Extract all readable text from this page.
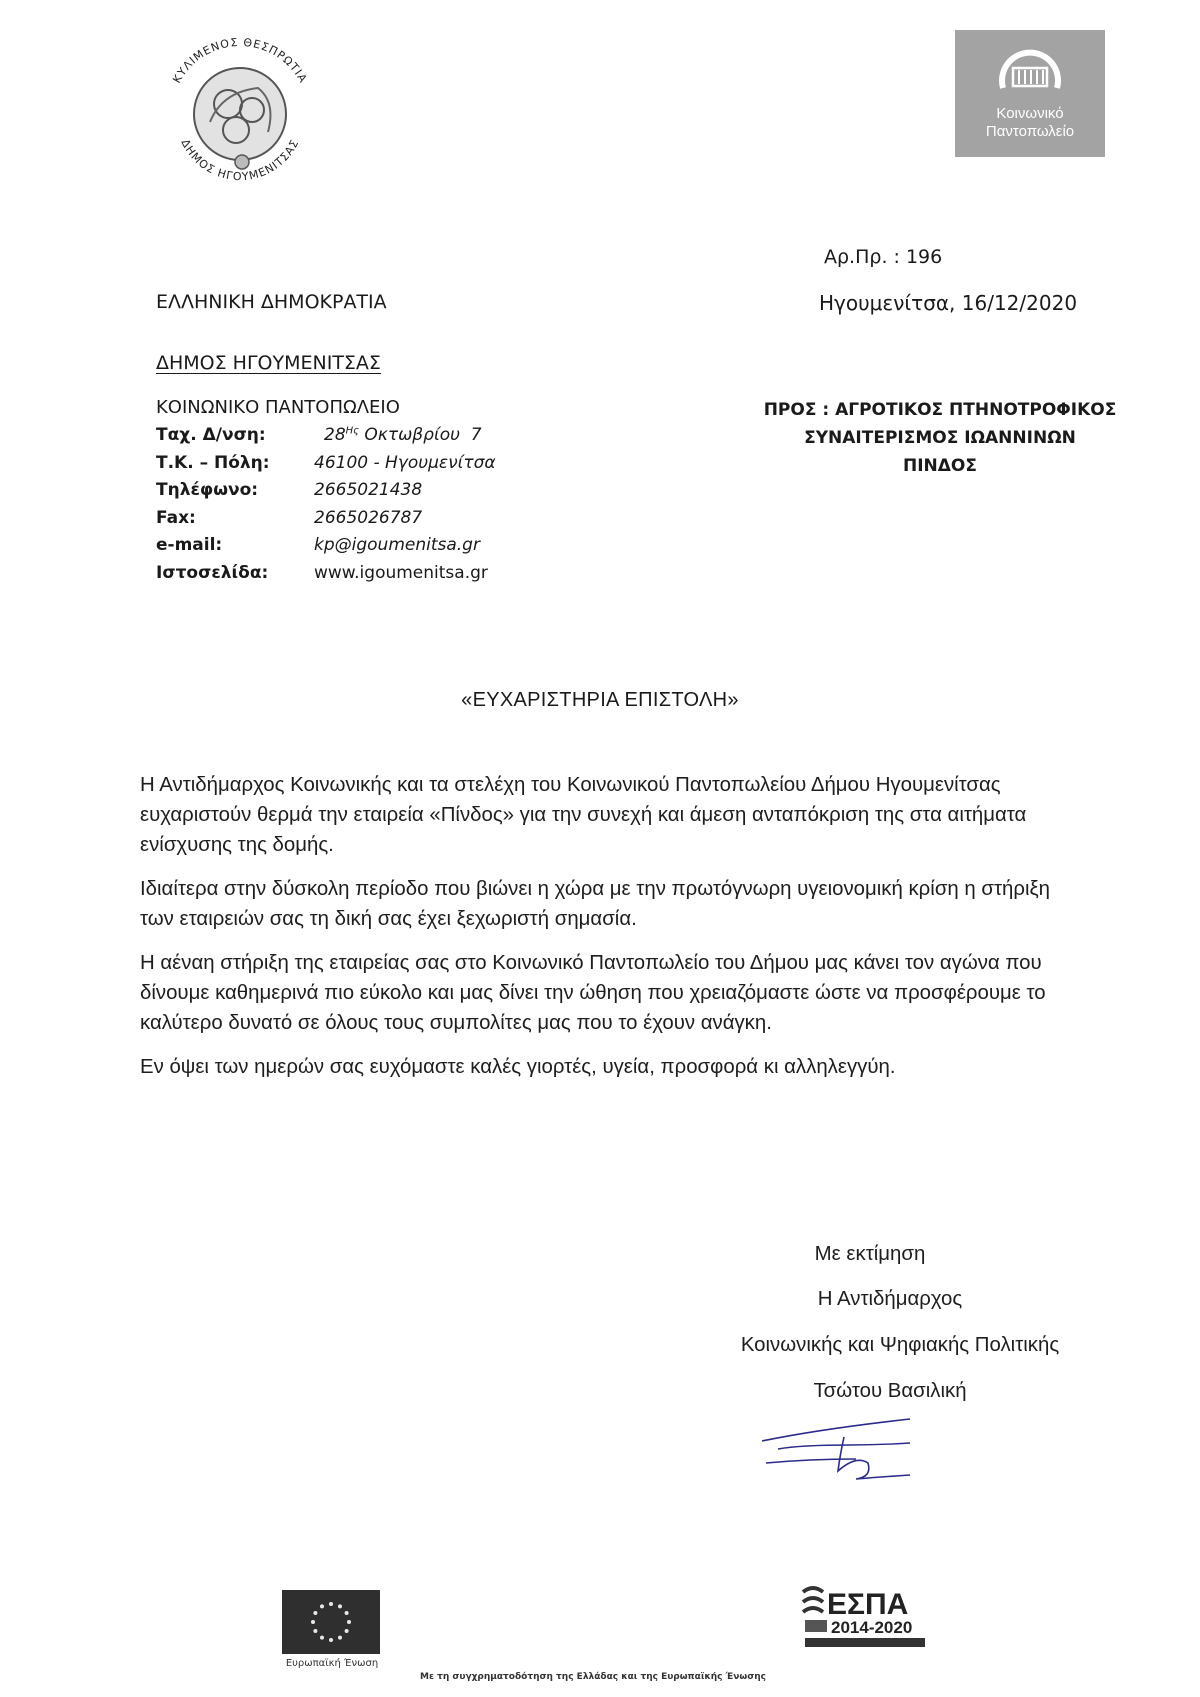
ΚΥΛΙΜΕΝΟΣ ΘΕΣΠΡΩΤΙΑ
ΔΗΜΟΣ ΗΓΟΥΜΕΝΙΤΣΑΣ
Κοινωνικό
Παντοπωλείο
Αρ.Πρ. : 196
Ηγουμενίτσα, 16/12/2020
ΕΛΛΗΝΙΚΗ ΔΗΜΟΚΡΑΤΙΑ
ΔΗΜΟΣ ΗΓΟΥΜΕΝΙΤΣΑΣ
ΚΟΙΝΩΝΙΚΟ ΠΑΝΤΟΠΩΛΕΙΟ
Ταχ. Δ/νση:	$28^{H\varsigma}$ Οκτωβρίου  7
Τ.Κ. – Πόλη:	46100 - Ηγουμενίτσα
Τηλέφωνο:	2665021438
Fax:	2665026787
e-mail:	kp@igoumenitsa.gr
Ιστοσελίδα:	www.igoumenitsa.gr
ΠΡΟΣ : ΑΓΡΟΤΙΚΟΣ ΠΤΗΝΟΤΡΟΦΙΚΟΣ
ΣΥΝΑΙΤΕΡΙΣΜΟΣ ΙΩΑΝΝΙΝΩΝ
ΠΙΝΔΟΣ
«ΕΥΧΑΡΙΣΤΗΡΙΑ ΕΠΙΣΤΟΛΗ»

Η Αντιδήμαρχος Κοινωνικής και τα στελέχη του Κοινωνικού Παντοπωλείου Δήμου Ηγουμενίτσας ευχαριστούν θερμά την εταιρεία «Πίνδος» για την συνεχή και άμεση ανταπόκριση της στα αιτήματα ενίσχυσης της δομής.

Ιδιαίτερα στην δύσκολη περίοδο που βιώνει η χώρα με την πρωτόγνωρη υγειονομική κρίση η στήριξη των εταιρειών σας τη δική σας έχει ξεχωριστή σημασία.

Η αέναη στήριξη της εταιρείας σας στο Κοινωνικό Παντοπωλείο του Δήμου μας κάνει τον αγώνα που δίνουμε καθημερινά πιο εύκολο και μας δίνει την ώθηση που χρειαζόμαστε ώστε να προσφέρουμε το καλύτερο δυνατό σε όλους τους συμπολίτες μας που το έχουν ανάγκη.

Εν όψει των ημερών σας ευχόμαστε καλές γιορτές, υγεία, προσφορά κι αλληλεγγύη.

Με εκτίμηση
Η Αντιδήμαρχος
Κοινωνικής και Ψηφιακής Πολιτικής
Τσώτου Βασιλική
Ευρωπαϊκή Ένωση
Με τη συγχρηματοδότηση της Ελλάδας και της Ευρωπαϊκής Ένωσης
ΕΣΠΑ
2014-2020
